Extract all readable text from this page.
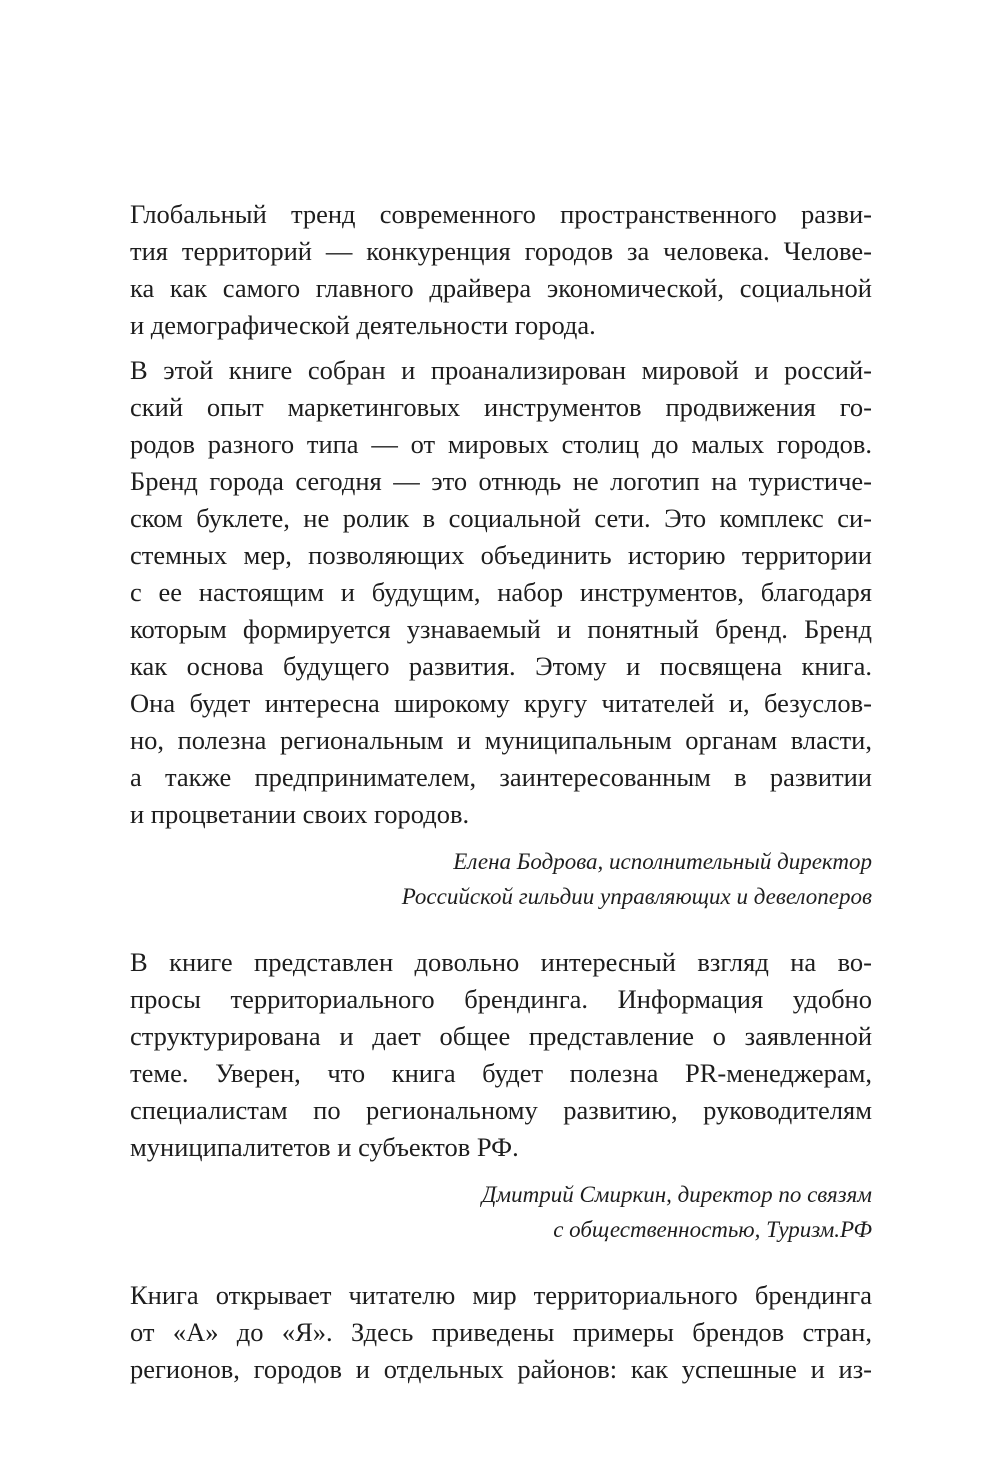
Глобальный тренд современного пространственного разви-
тия территорий — конкуренция городов за человека. Челове-
ка как самого главного драйвера экономической, социальной
и демографической деятельности города.
В этой книге собран и проанализирован мировой и россий-
ский опыт маркетинговых инструментов продвижения го-
родов разного типа — от мировых столиц до малых городов.
Бренд города сегодня — это отнюдь не логотип на туристиче-
ском буклете, не ролик в социальной сети. Это комплекс си-
стемных мер, позволяющих объединить историю территории
с ее настоящим и будущим, набор инструментов, благодаря
которым формируется узнаваемый и понятный бренд. Бренд
как основа будущего развития. Этому и посвящена книга.
Она будет интересна широкому кругу читателей и, безуслов-
но, полезна региональным и муниципальным органам власти,
а также предпринимателем, заинтересованным в развитии
и процветании своих городов.
Елена Бодрова, исполнительный директор
Российской гильдии управляющих и девелоперов
В книге представлен довольно интересный взгляд на во-
просы территориального брендинга. Информация удобно
структурирована и дает общее представление о заявленной
теме. Уверен, что книга будет полезна PR-менеджерам,
специалистам по региональному развитию, руководителям
муниципалитетов и субъектов РФ.
Дмитрий Смиркин, директор по связям
с общественностью, Туризм.РФ
Книга открывает читателю мир территориального брендинга
от «А» до «Я». Здесь приведены примеры брендов стран,
регионов, городов и отдельных районов: как успешные и из-
